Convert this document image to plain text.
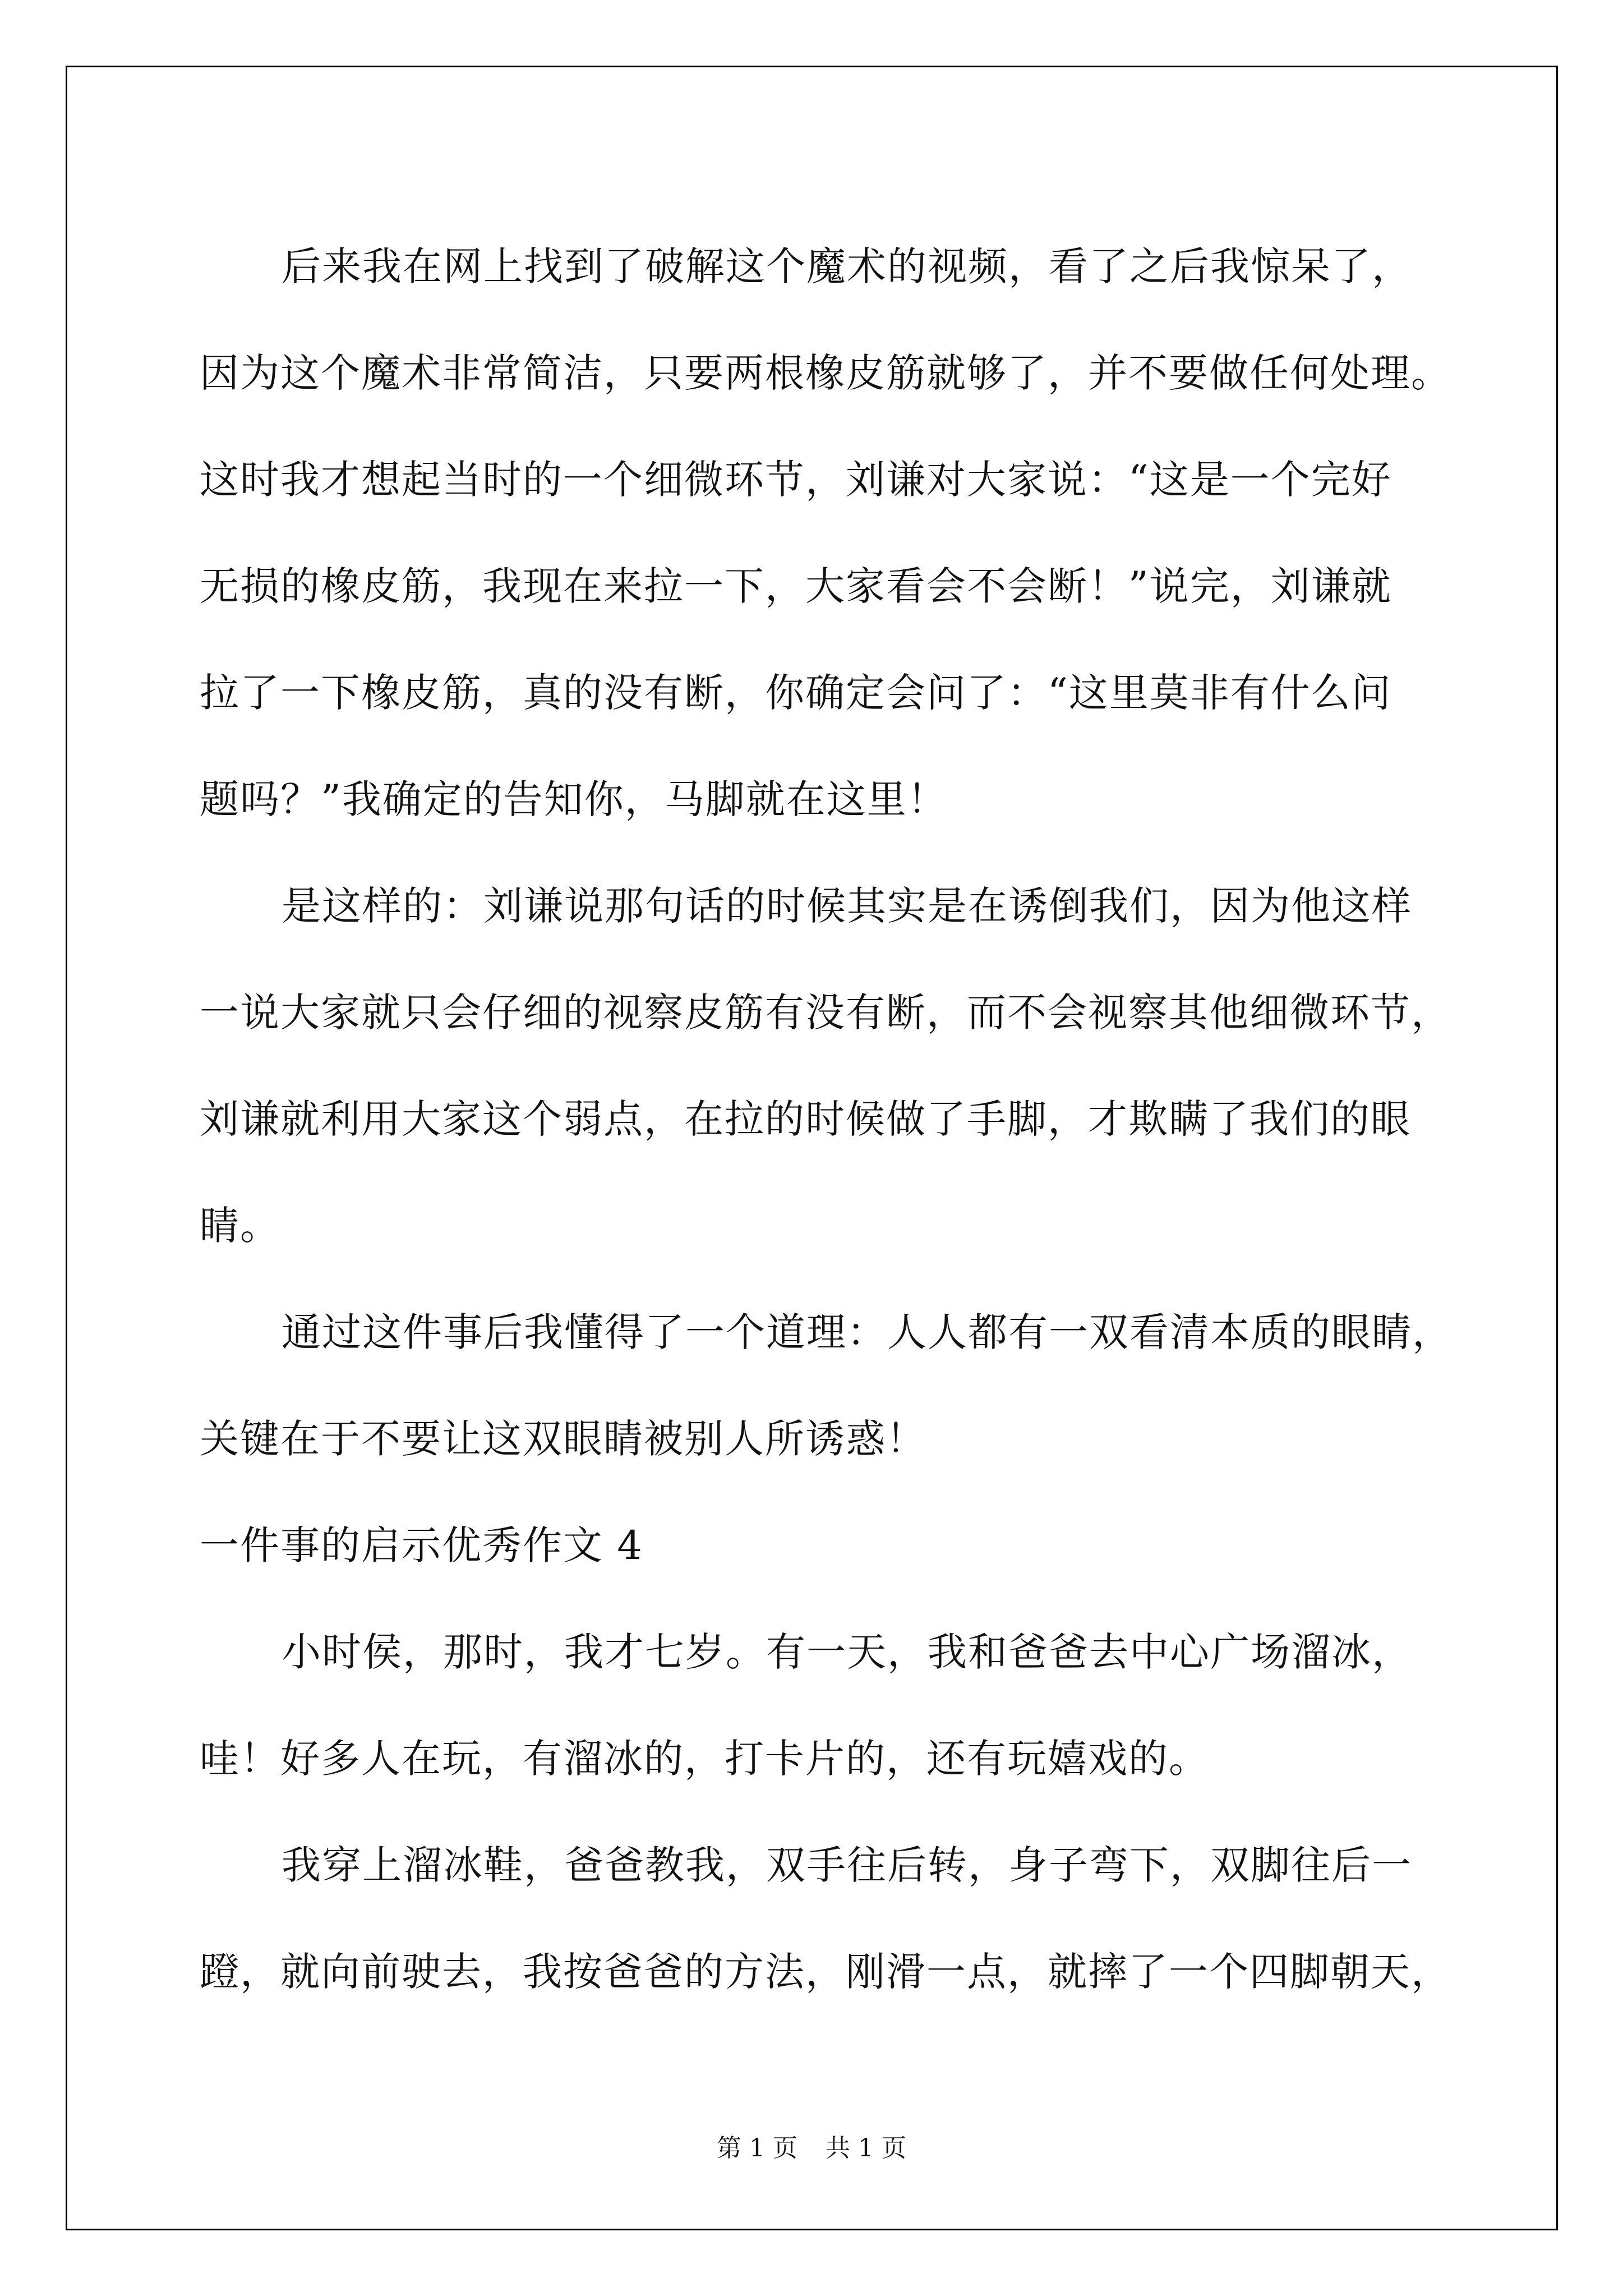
后来我在网上找到了破解这个魔术的视频，看了之后我惊呆了，
因为这个魔术非常简洁，只要两根橡皮筋就够了，并不要做任何处理。
这时我才想起当时的一个细微环节，刘谦对大家说：“这是一个完好
无损的橡皮筋，我现在来拉一下，大家看会不会断！”说完，刘谦就
拉了一下橡皮筋，真的没有断，你确定会问了：“这里莫非有什么问
题吗？”我确定的告知你，马脚就在这里！
是这样的：刘谦说那句话的时候其实是在诱倒我们，因为他这样
一说大家就只会仔细的视察皮筋有没有断，而不会视察其他细微环节，
刘谦就利用大家这个弱点，在拉的时候做了手脚，才欺瞒了我们的眼
睛。
通过这件事后我懂得了一个道理：人人都有一双看清本质的眼睛，
关键在于不要让这双眼睛被别人所诱惑！
一件事的启示优秀作文 4
小时侯，那时，我才七岁。有一天，我和爸爸去中心广场溜冰，
哇！好多人在玩，有溜冰的，打卡片的，还有玩嬉戏的。
我穿上溜冰鞋，爸爸教我，双手往后转，身子弯下，双脚往后一
蹬，就向前驶去，我按爸爸的方法，刚滑一点，就摔了一个四脚朝天，
第 1 页 共 1 页
